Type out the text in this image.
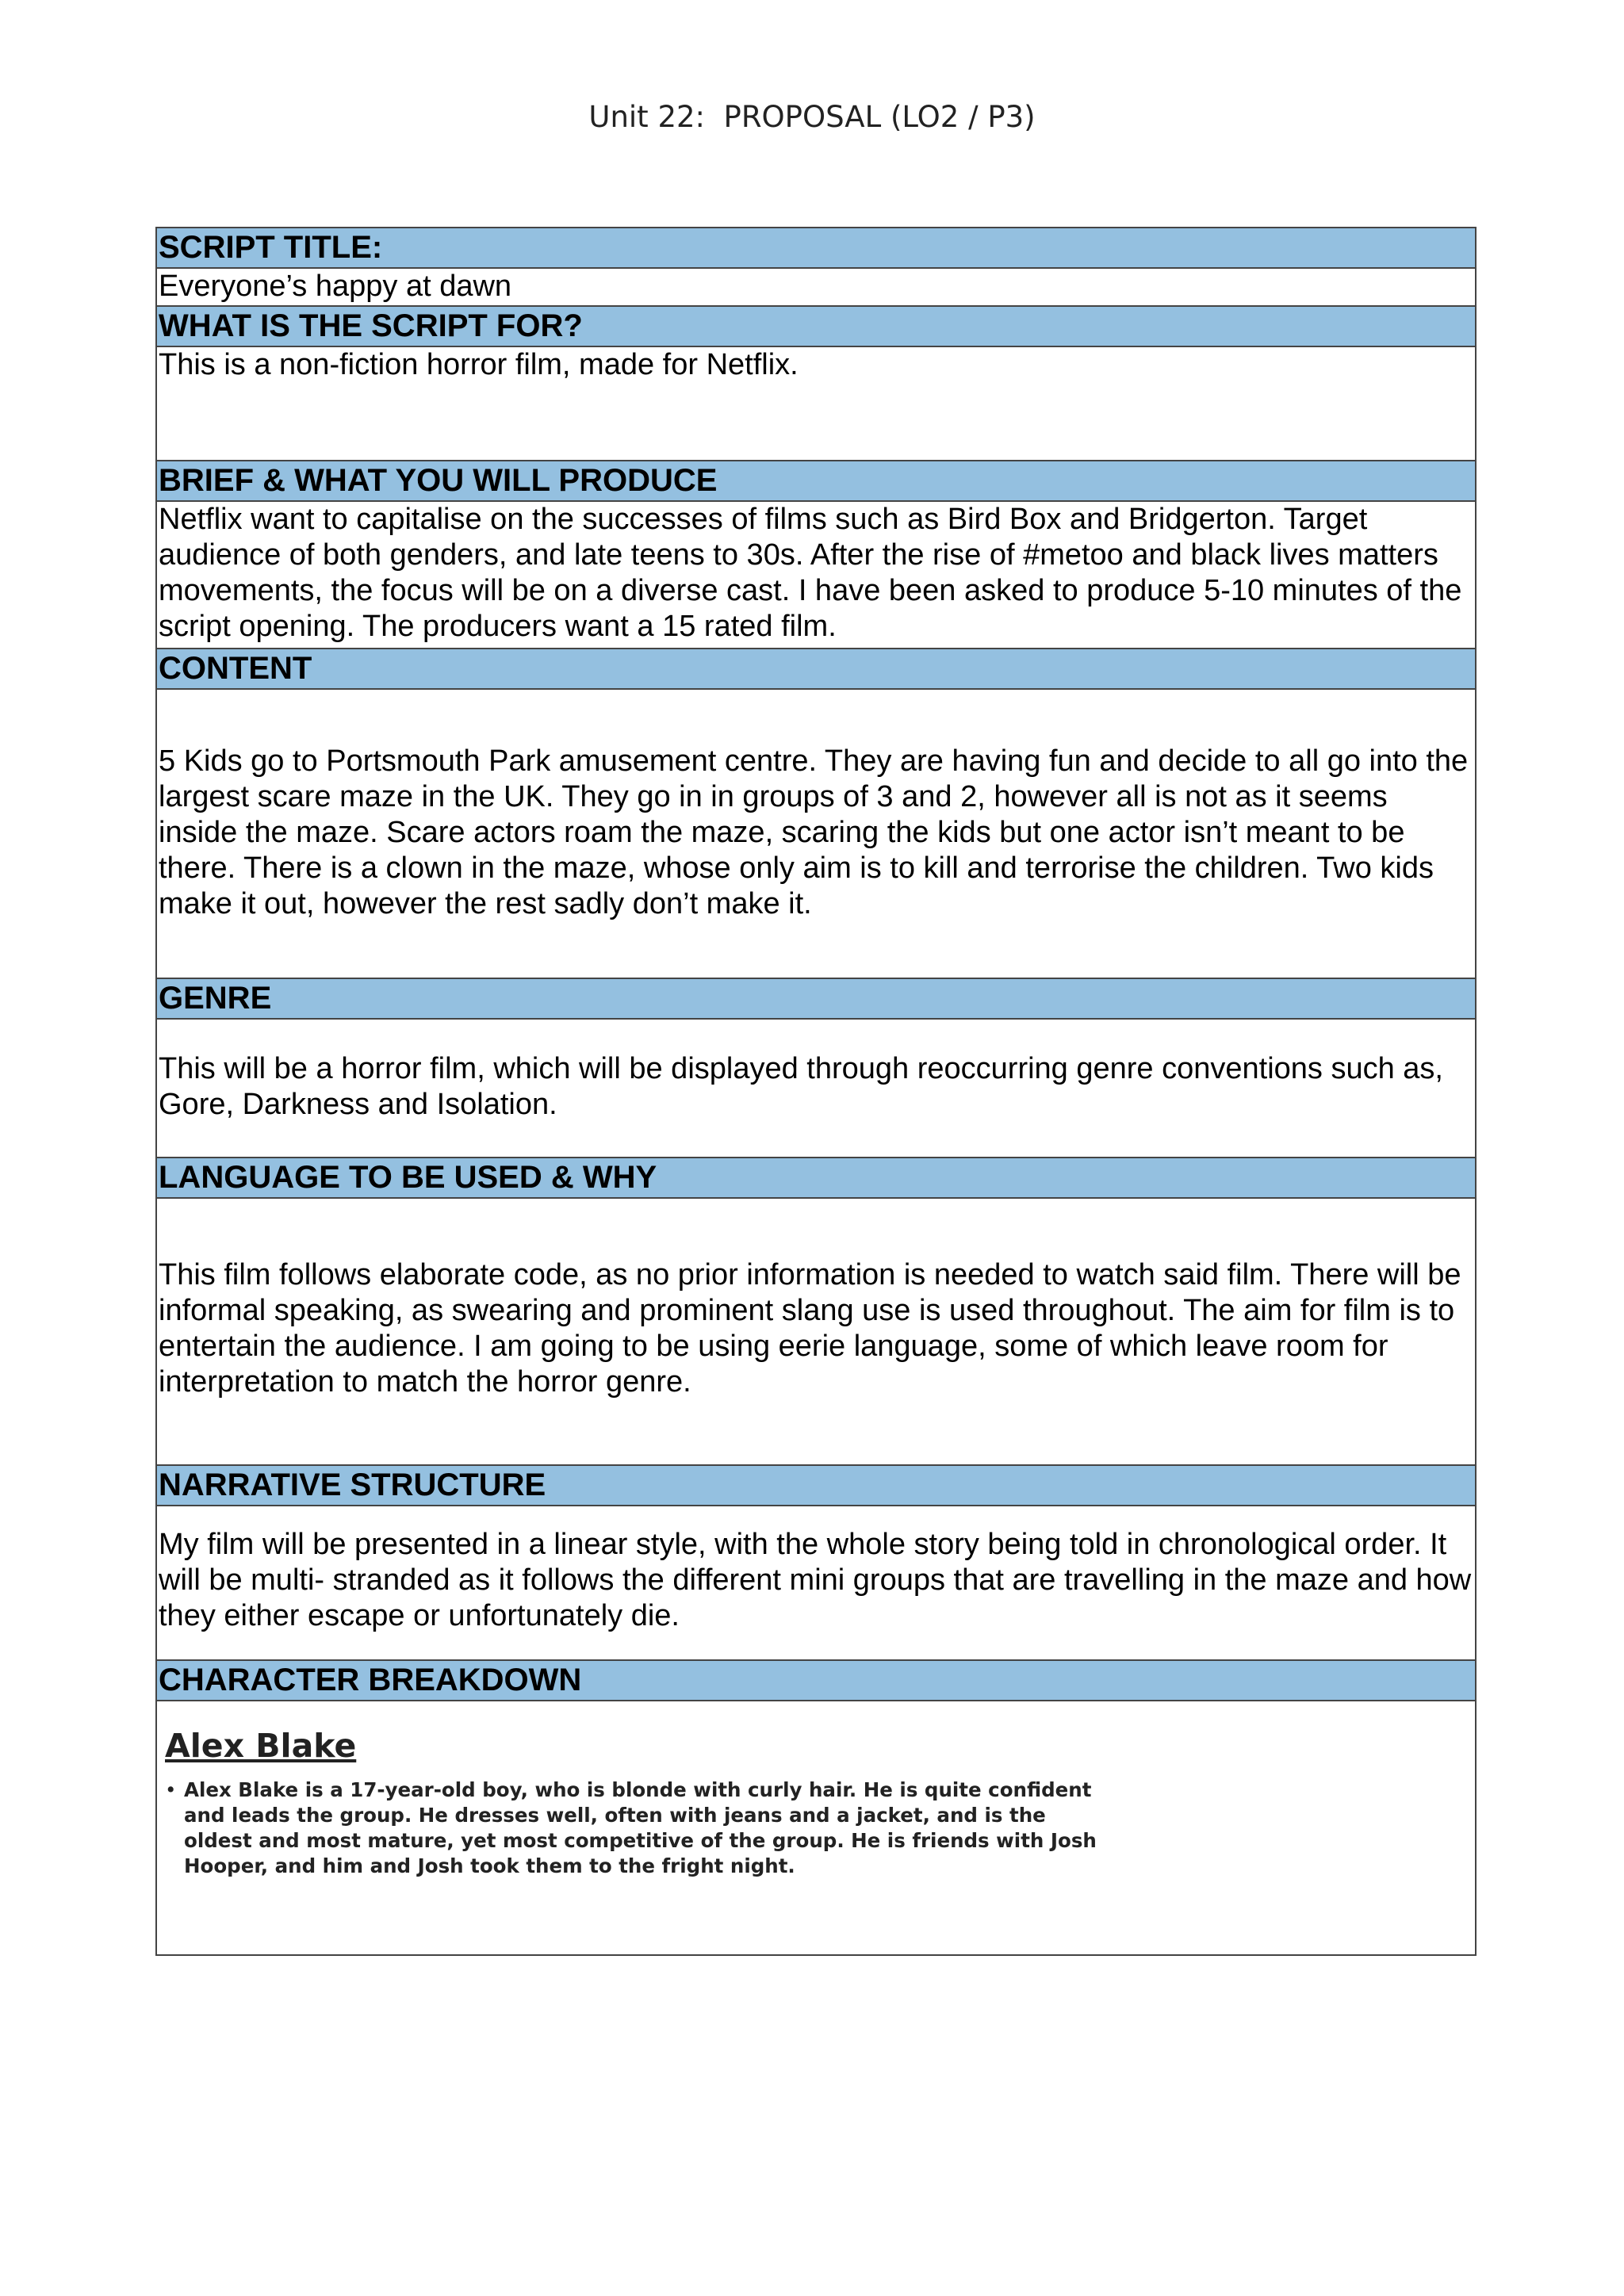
Unit 22:  PROPOSAL (LO2 / P3)
SCRIPT TITLE:
Everyone’s happy at dawn
WHAT IS THE SCRIPT FOR?
This is a non-fiction horror film, made for Netflix.
BRIEF & WHAT YOU WILL PRODUCE
Netflix want to capitalise on the successes of films such as Bird Box and Bridgerton. Target audience of both genders, and late teens to 30s. After the rise of #metoo and black lives matters movements, the focus will be on a diverse cast. I have been asked to produce 5-10 minutes of the script opening. The producers want a 15 rated film.
CONTENT
5 Kids go to Portsmouth Park amusement centre. They are having fun and decide to all go into the largest scare maze in the UK. They go in in groups of 3 and 2, however all is not as it seems inside the maze. Scare actors roam the maze, scaring the kids but one actor isn’t meant to be there. There is a clown in the maze, whose only aim is to kill and terrorise the children. Two kids make it out, however the rest sadly don’t make it.
GENRE
This will be a horror film, which will be displayed through reoccurring genre conventions such as, Gore, Darkness and Isolation.
LANGUAGE TO BE USED & WHY
This film follows elaborate code, as no prior information is needed to watch said film. There will be informal speaking, as swearing and prominent slang use is used throughout. The aim for film is to entertain the audience. I am going to be using eerie language, some of which leave room for interpretation to match the horror genre.
NARRATIVE STRUCTURE
My film will be presented in a linear style, with the whole story being told in chronological order. It will be multi- stranded as it follows the different mini groups that are travelling in the maze and how they either escape or unfortunately die.
CHARACTER BREAKDOWN
Alex Blake
• Alex Blake is a 17-year-old boy, who is blonde with curly hair. He is quite confident and leads the group. He dresses well, often with jeans and a jacket, and is the oldest and most mature, yet most competitive of the group. He is friends with Josh Hooper, and him and Josh took them to the fright night.
